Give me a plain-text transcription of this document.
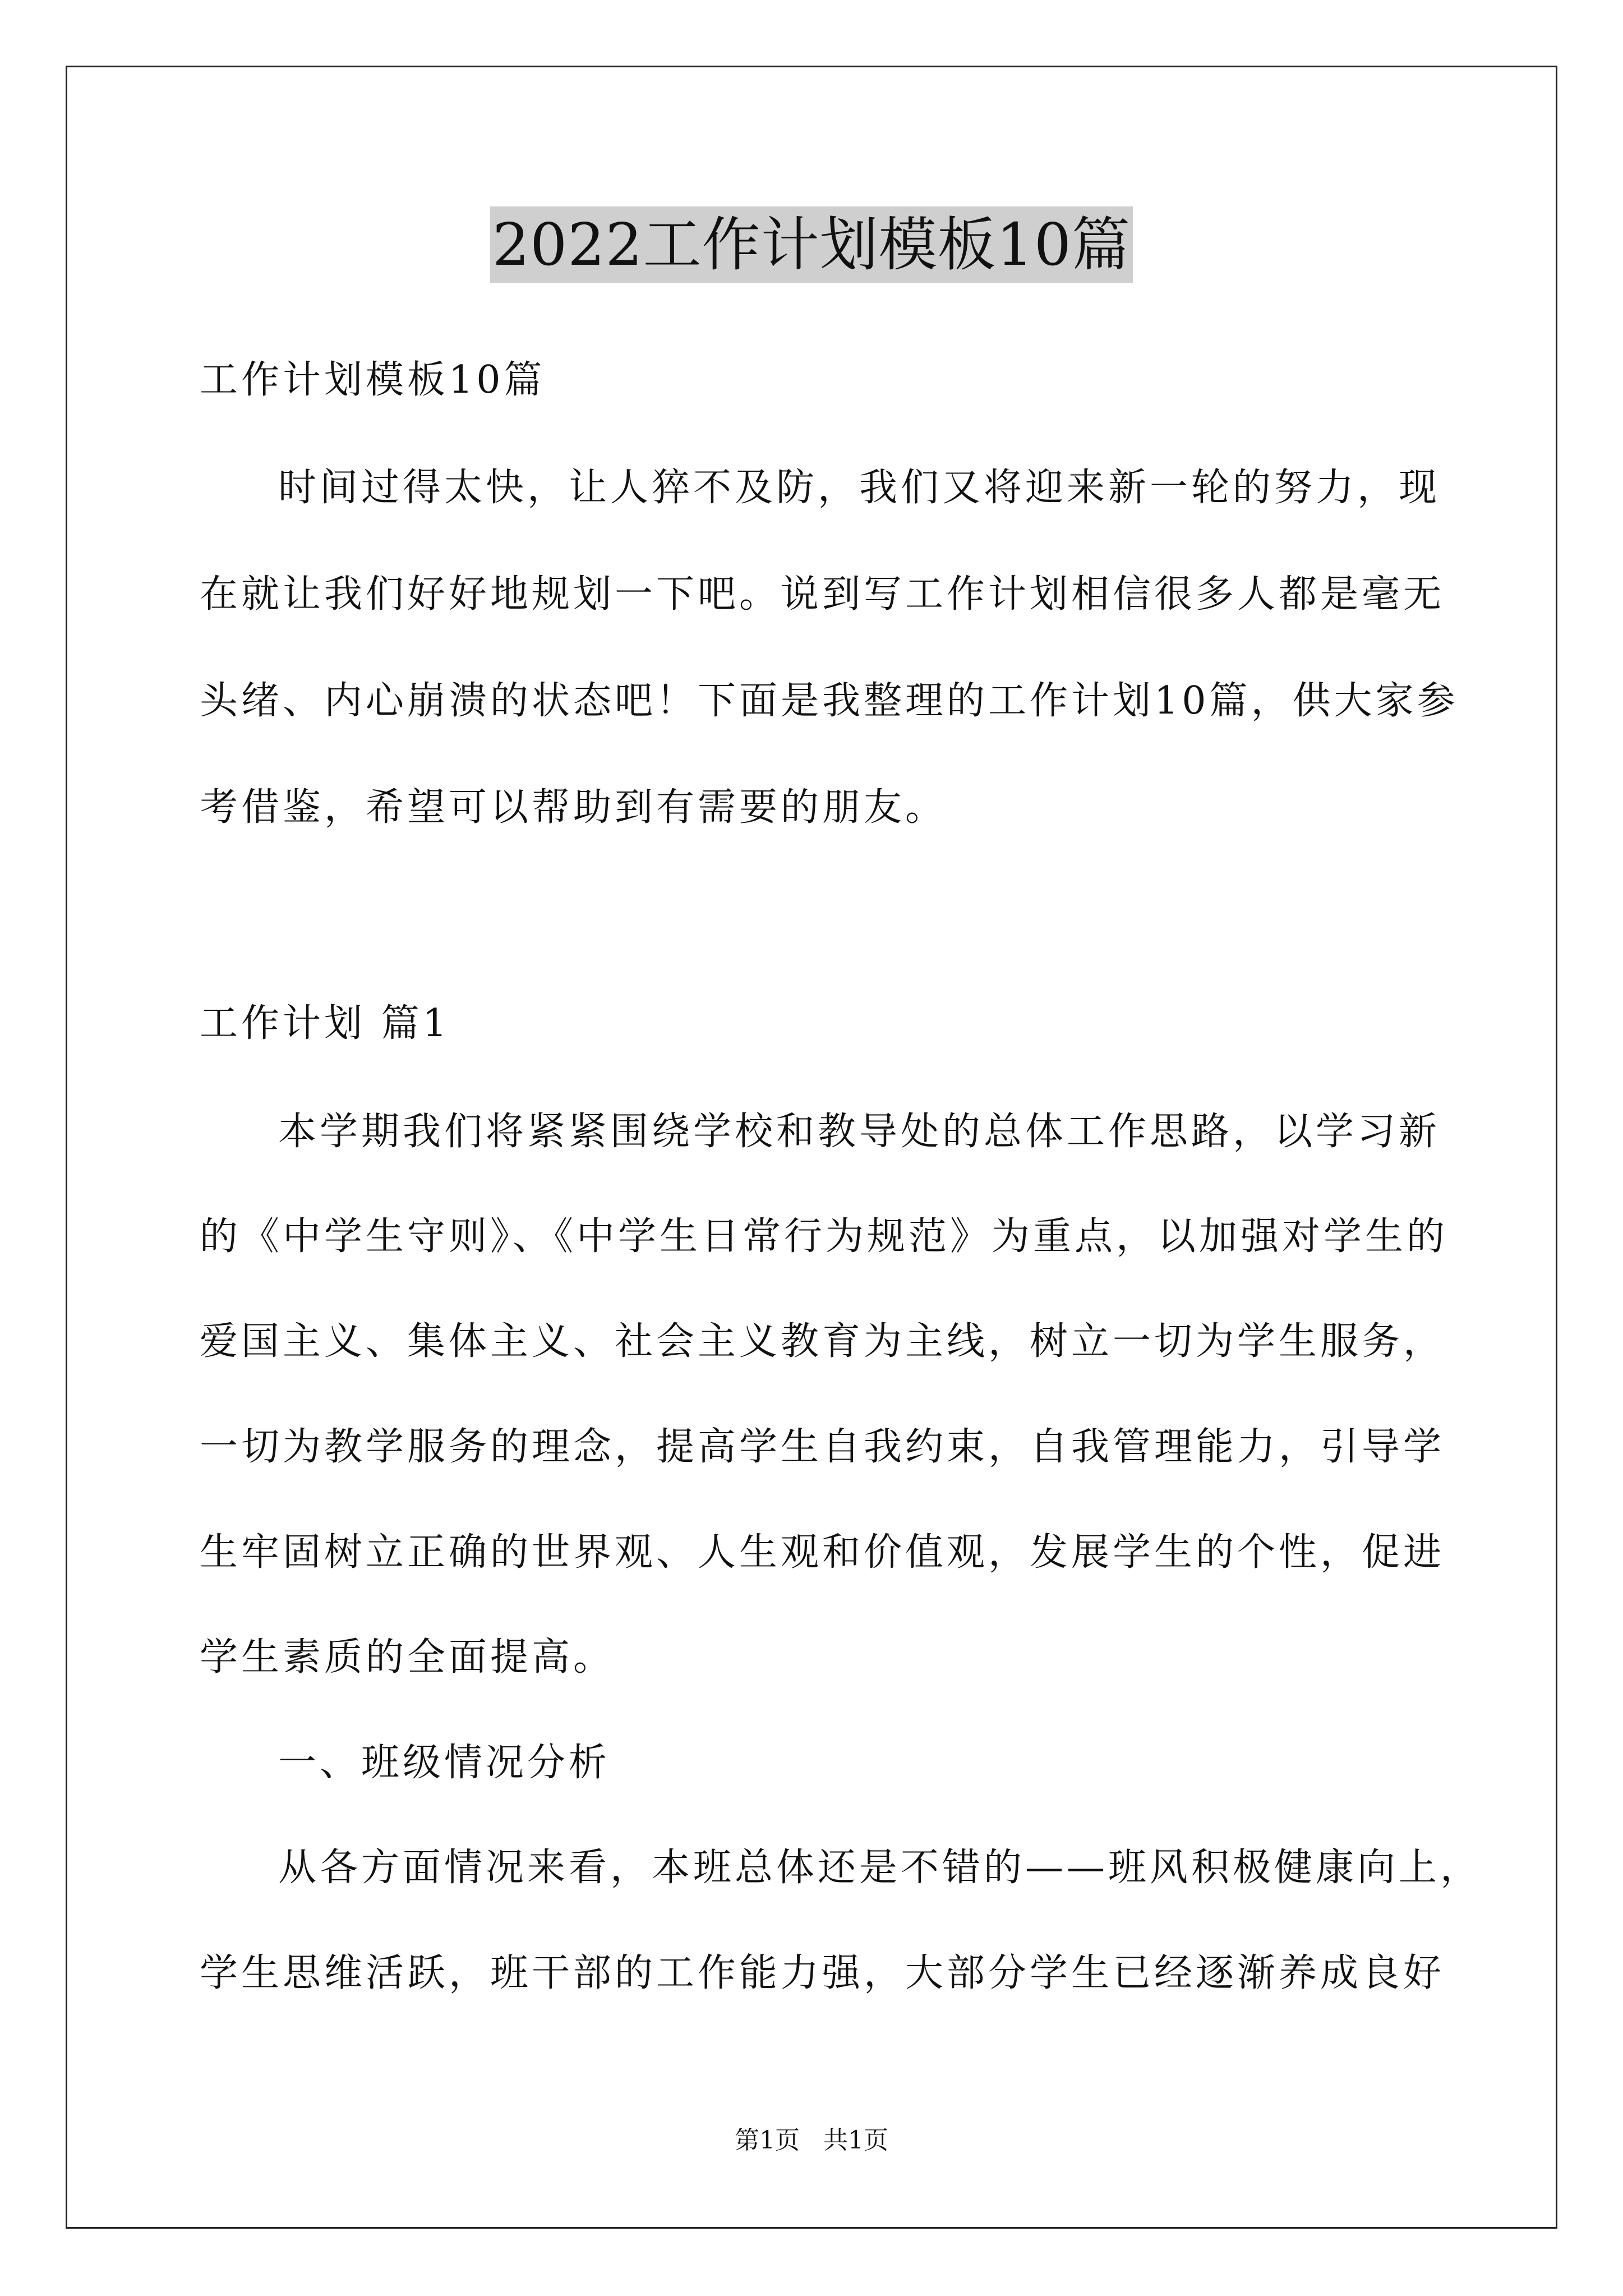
2022工作计划模板10篇
工作计划模板10篇
时间过得太快，让人猝不及防，我们又将迎来新一轮的努力，现
在就让我们好好地规划一下吧。说到写工作计划相信很多人都是毫无
头绪、内心崩溃的状态吧！下面是我整理的工作计划10篇，供大家参
考借鉴，希望可以帮助到有需要的朋友。
工作计划 篇1
本学期我们将紧紧围绕学校和教导处的总体工作思路，以学习新
的《中学生守则》、《中学生日常行为规范》为重点，以加强对学生的
爱国主义、集体主义、社会主义教育为主线，树立一切为学生服务，
一切为教学服务的理念，提高学生自我约束，自我管理能力，引导学
生牢固树立正确的世界观、人生观和价值观，发展学生的个性，促进
学生素质的全面提高。
一、班级情况分析
从各方面情况来看，本班总体还是不错的——班风积极健康向上，
学生思维活跃，班干部的工作能力强，大部分学生已经逐渐养成良好
第1页 共1页
